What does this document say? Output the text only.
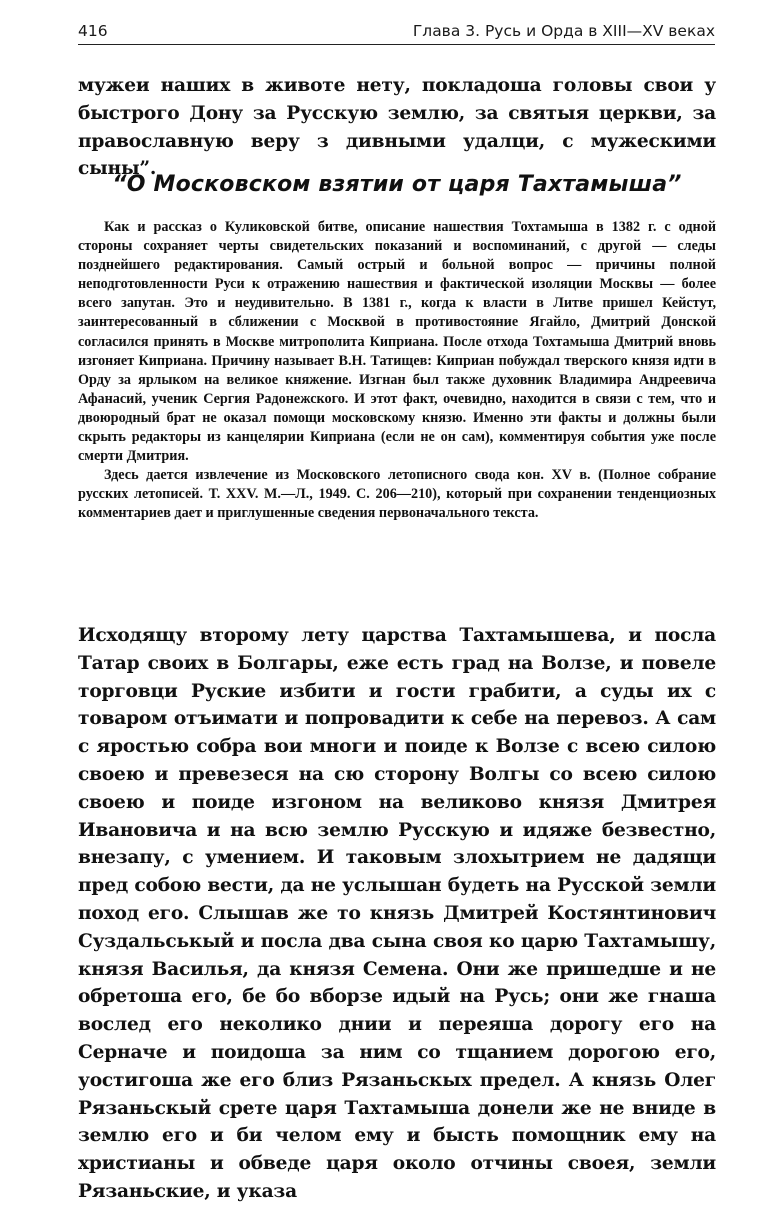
416	Глава 3. Русь и Орда в XIII—XV веках

мужеи наших в животе нету, покладоша головы свои у быстрого Дону за Русскую землю, за святыя церкви, за православную веру з дивными удалци, с мужескими сыны”.

“О Московском взятии от царя Тахтамыша”

Как и рассказ о Куликовской битве, описание нашествия Тохтамыша в 1382 г. с одной стороны сохраняет черты свидетельских показаний и воспоминаний, с другой — следы позднейшего редактирования. Самый острый и больной вопрос — причины полной неподготовленности Руси к отражению нашествия и фактической изоляции Москвы — более всего запутан. Это и неудивительно. В 1381 г., когда к власти в Литве пришел Кейстут, заинтересованный в сближении с Москвой в противостояние Ягайло, Дмитрий Донской согласился принять в Москве митрополита Киприана. После отхода Тохтамыша Дмитрий вновь изгоняет Киприана. Причину называет В.Н. Татищев: Киприан побуждал тверского князя идти в Орду за ярлыком на великое княжение. Изгнан был также духовник Владимира Андреевича Афанасий, ученик Сергия Радонежского. И этот факт, очевидно, находится в связи с тем, что и двоюродный брат не оказал помощи московскому князю. Именно эти факты и должны были скрыть редакторы из канцелярии Киприана (если не он сам), комментируя события уже после смерти Дмитрия.

Здесь дается извлечение из Московского летописного свода кон. XV в. (Полное собрание русских летописей. Т. XXV. М.—Л., 1949. С. 206—210), который при сохранении тенденциозных комментариев дает и приглушенные сведения первоначального текста.

Исходящу второму лету царства Тахтамышева, и посла Татар своих в Болгары, еже есть град на Волзе, и повеле торговци Руские избити и гости грабити, а суды их с товаром отъимати и попровадити к себе на перевоз. А сам с яростью собра вои многи и поиде к Волзе с всею силою своею и превезеся на сю сторону Волгы со всею силою своею и поиде изгоном на великово князя Дмитрея Ивановича и на всю землю Русскую и идяже безвестно, внезапу, с умением. И таковым злохытрием не дадящи пред собою вести, да не услышан будеть на Русской земли поход его. Слышав же то князь Дмитрей Костянтинович Суздальськый и посла два сына своя ко царю Тахтамышу, князя Василья, да князя Семена. Они же пришедше и не обретоша его, бе бо вборзе идый на Русь; они же гнаша вослед его неколико днии и переяша дорогу его на Серначе и поидоша за ним со тщанием дорогою его, уостигоша же его близ Рязаньскых предел. А князь Олег Рязаньскый сретe царя Тахтамыша донели же не вниде в землю его и би челом ему и бысть помощник ему на христианы и обведе царя около отчины своея, земли Рязаньские, и указа
